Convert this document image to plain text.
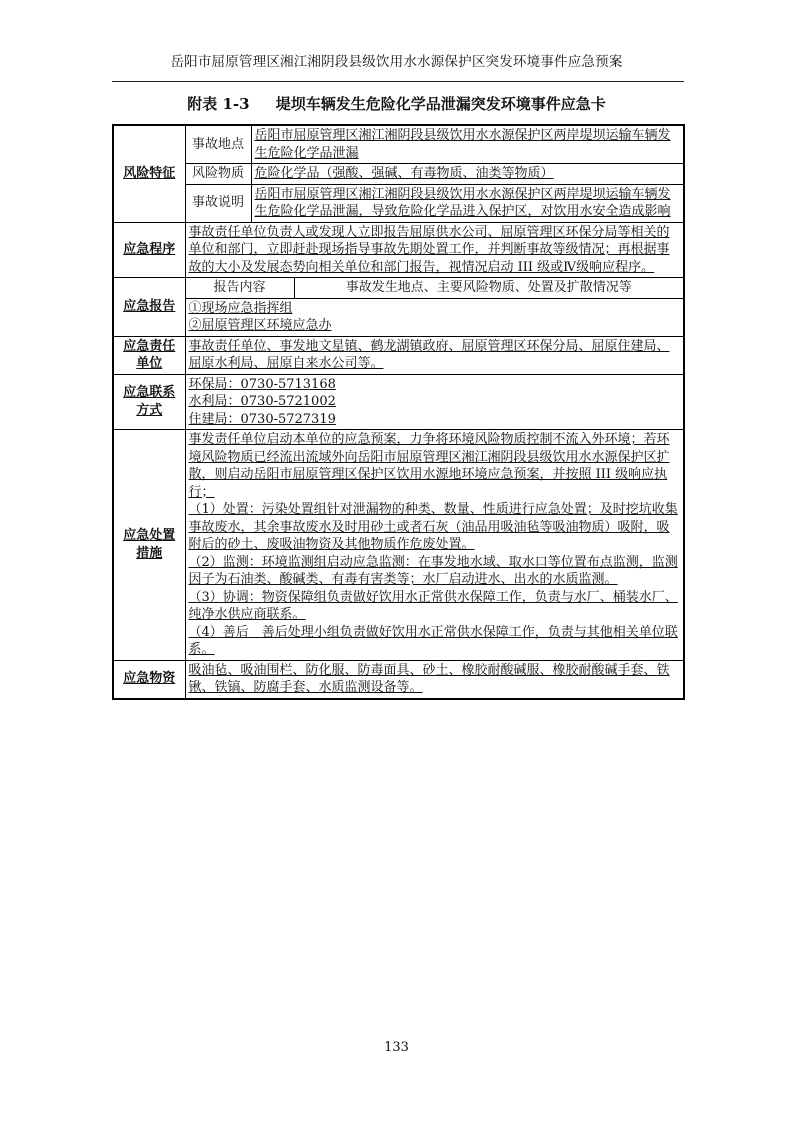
岳阳市屈原管理区湘江湘阴段县级饮用水水源保护区突发环境事件应急预案
附表 1-3 堤坝车辆发生危险化学品泄漏突发环境事件应急卡
风险特征	事故地点	岳阳市屈原管理区湘江湘阴段县级饮用水水源保护区两岸堤坝运输车辆发生危险化学品泄漏
	风险物质	危险化学品（强酸、强碱、有毒物质、油类等物质）
	事故说明	岳阳市屈原管理区湘江湘阴段县级饮用水水源保护区两岸堤坝运输车辆发生危险化学品泄漏，导致危险化学品进入保护区，对饮用水安全造成影响
应急程序	事故责任单位负责人或发现人立即报告屈原供水公司、屈原管理区环保分局等相关的单位和部门，立即赶赴现场指导事故先期处置工作，并判断事故等级情况；再根据事故的大小及发展态势向相关单位和部门报告，视情况启动 III 级或Ⅳ级响应程序。	
应急报告	报告内容 事故发生地点、主要风险物质、处置及扩散情况等
①现场应急指挥组
②屈原管理区环境应急办	

应急责任单位	事故责任单位、事发地文星镇、鹤龙湖镇政府、屈原管理区环保分局、屈原住建局、屈原水利局、屈原自来水公司等。	
应急联系方式	环保局：0730-5713168
水利局：0730-5721002
住建局：0730-5727319	

应急处置措施	事发责任单位启动本单位的应急预案，力争将环境风险物质控制不流入外环境；若环境风险物质已经流出流域外向岳阳市屈原管理区湘江湘阴段县级饮用水水源保护区扩散，则启动岳阳市屈原管理区保护区饮用水源地环境应急预案，并按照 III 级响应执行；
（1）处置：污染处置组针对泄漏物的种类、数量、性质进行应急处置；及时挖坑收集事故废水，其余事故废水及时用砂土或者石灰（油品用吸油毡等吸油物质）吸附，吸附后的砂土、废吸油物资及其他物质作危废处置。
（2）监测：环境监测组启动应急监测：在事发地水域、取水口等位置布点监测，监测因子为石油类、酸碱类、有毒有害类等；水厂启动进水、出水的水质监测。
（3）协调：物资保障组负责做好饮用水正常供水保障工作，负责与水厂、桶装水厂、纯净水供应商联系。
（4）善后　善后处理小组负责做好饮用水正常供水保障工作，负责与其他相关单位联系。	

应急物资	吸油毡、吸油围栏、防化服、防毒面具、砂土、橡胶耐酸碱服、橡胶耐酸碱手套、铁锹、铁镐、防腐手套、水质监测设备等。	
133
